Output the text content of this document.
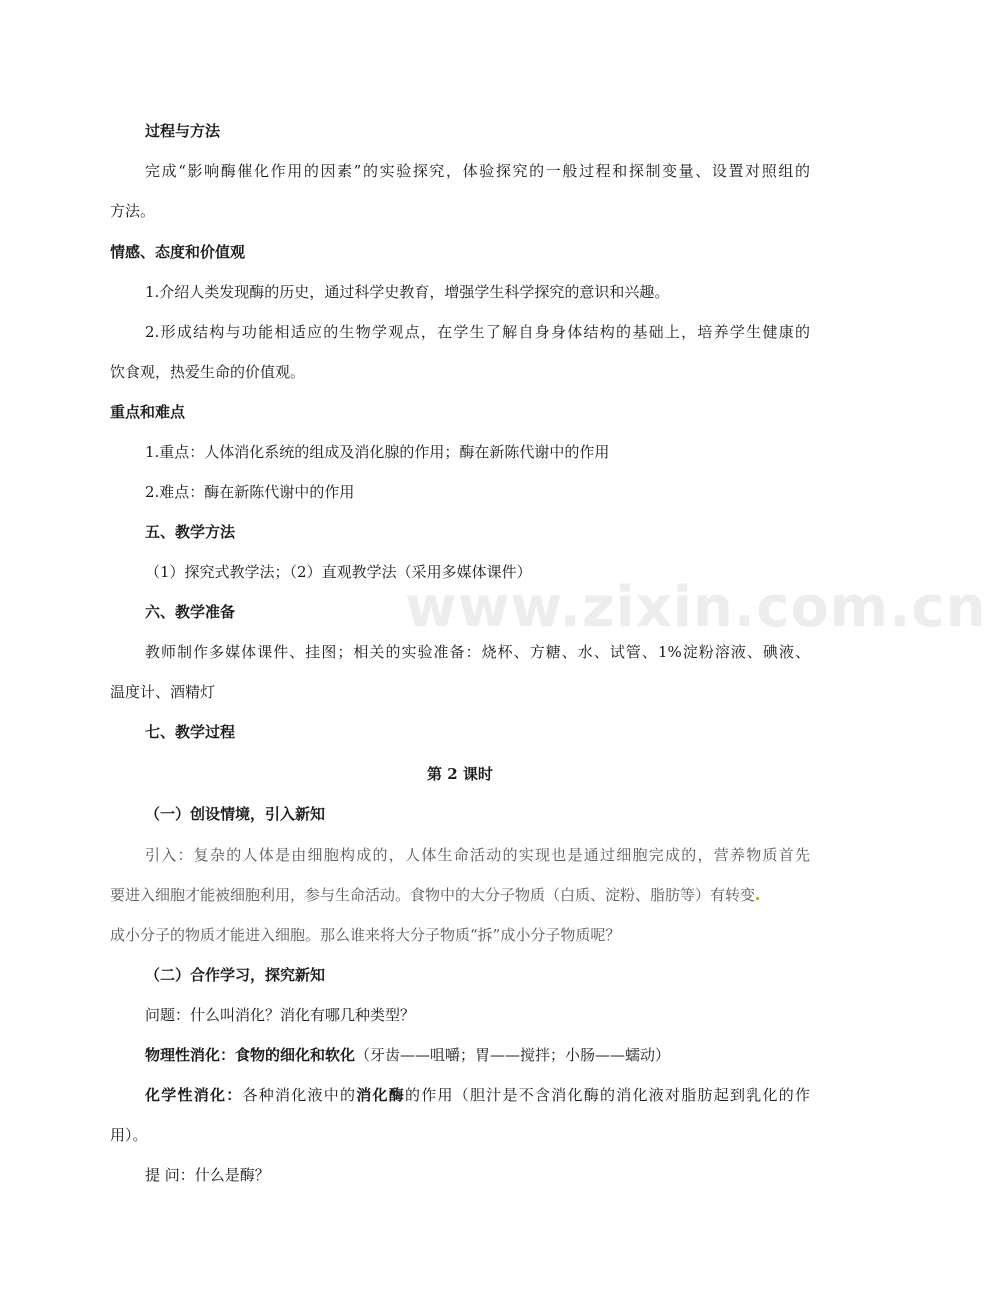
www.zixin.com.cn
过程与方法
完成“影响酶催化作用的因素”的实验探究，体验探究的一般过程和探制变量、设置对照组的
方法。
情感、态度和价值观
1.介绍人类发现酶的历史，通过科学史教育，增强学生科学探究的意识和兴趣。
2.形成结构与功能相适应的生物学观点，在学生了解自身身体结构的基础上，培养学生健康的
饮食观，热爱生命的价值观。
重点和难点
1.重点：人体消化系统的组成及消化腺的作用；酶在新陈代谢中的作用
2.难点：酶在新陈代谢中的作用
五、教学方法
（1）探究式教学法；（2）直观教学法（采用多媒体课件）
六、教学准备
教师制作多媒体课件、挂图；相关的实验准备：烧杯、方糖、水、试管、1%淀粉溶液、碘液、
温度计、酒精灯
七、教学过程
第 2 课时
（一）创设情境，引入新知
引入：复杂的人体是由细胞构成的，人体生命活动的实现也是通过细胞完成的，营养物质首先
要进入细胞才能被细胞利用，参与生命活动。食物中的大分子物质（白质、淀粉、脂肪等）有转变
成小分子的物质才能进入细胞。那么谁来将大分子物质“拆”成小分子物质呢？
（二）合作学习，探究新知
问题：什么叫消化？消化有哪几种类型？
物理性消化：食物的细化和软化（牙齿——咀嚼；胃——搅拌；小肠——蠕动）
化学性消化：各种消化液中的消化酶的作用（胆汁是不含消化酶的消化液对脂肪起到乳化的作
用）。
提 问：什么是酶？
